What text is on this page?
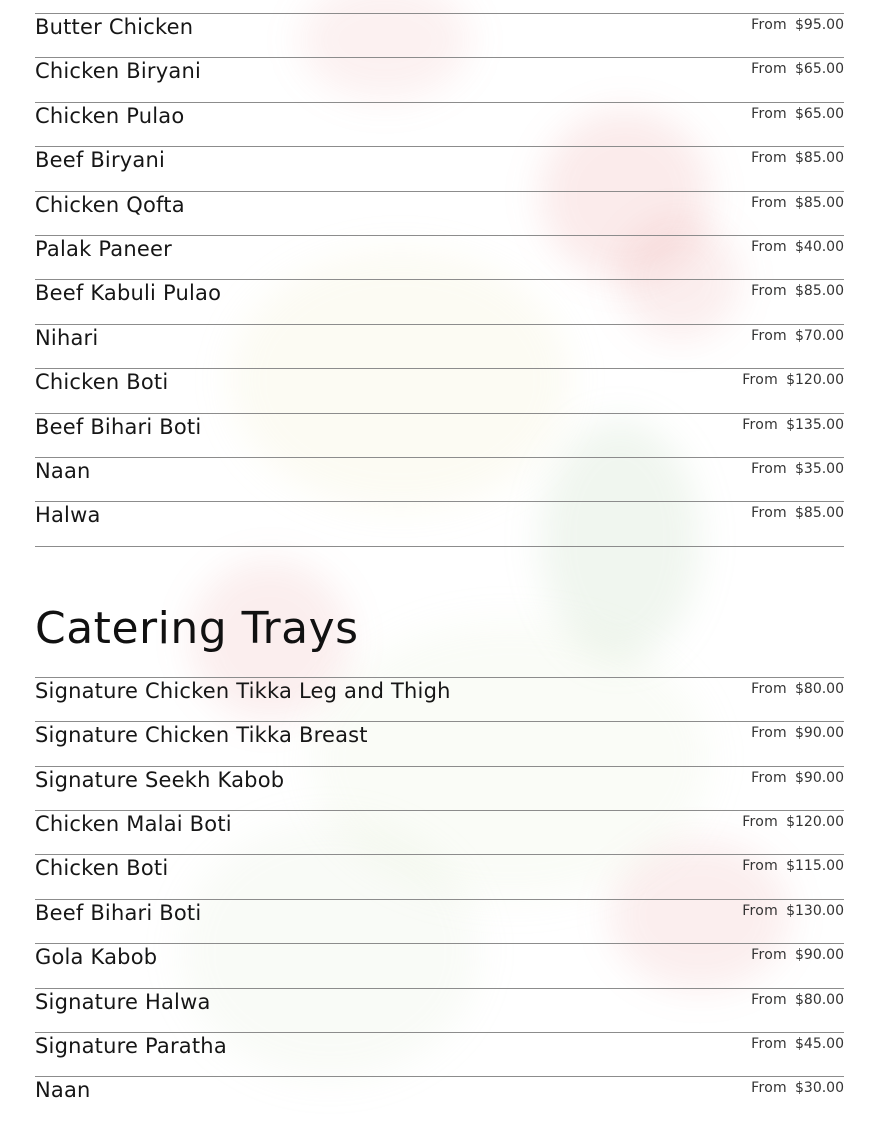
Butter Chicken	From $95.00
Chicken Biryani	From $65.00
Chicken Pulao	From $65.00
Beef Biryani	From $85.00
Chicken Qofta	From $85.00
Palak Paneer	From $40.00
Beef Kabuli Pulao	From $85.00
Nihari	From $70.00
Chicken Boti	From $120.00
Beef Bihari Boti	From $135.00
Naan	From $35.00
Halwa	From $85.00
Catering Trays
Signature Chicken Tikka Leg and Thigh	From $80.00
Signature Chicken Tikka Breast	From $90.00
Signature Seekh Kabob	From $90.00
Chicken Malai Boti	From $120.00
Chicken Boti	From $115.00
Beef Bihari Boti	From $130.00
Gola Kabob	From $90.00
Signature Halwa	From $80.00
Signature Paratha	From $45.00
Naan	From $30.00
